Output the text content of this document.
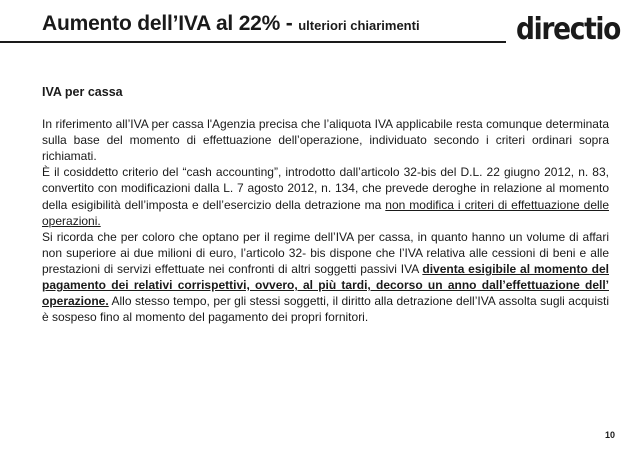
Aumento dell’IVA al 22% - ulteriori chiarimenti	directio
IVA per cassa

In riferimento all’IVA per cassa l'Agenzia precisa che l’aliquota IVA applicabile resta comunque determinata sulla base del momento di effettuazione dell’operazione, individuato secondo i criteri ordinari sopra richiamati.

È il cosiddetto criterio del “cash accounting”, introdotto dall’articolo 32-bis del D.L. 22 giugno 2012, n. 83, convertito con modificazioni dalla L. 7 agosto 2012, n. 134, che prevede deroghe in relazione al momento della esigibilità dell’imposta e dell’esercizio della detrazione ma non modifica i criteri di effettuazione delle operazioni.

Si ricorda che per coloro che optano per il regime dell’IVA per cassa, in quanto hanno un volume di affari non superiore ai due milioni di euro, l’articolo 32- bis dispone che l’IVA relativa alle cessioni di beni e alle prestazioni di servizi effettuate nei confronti di altri soggetti passivi IVA diventa esigibile al momento del pagamento dei relativi corrispettivi, ovvero, al più tardi, decorso un anno dall’effettuazione dell’ operazione. Allo stesso tempo, per gli stessi soggetti, il diritto alla detrazione dell’IVA assolta sugli acquisti è sospeso fino al momento del pagamento dei propri fornitori.

10
